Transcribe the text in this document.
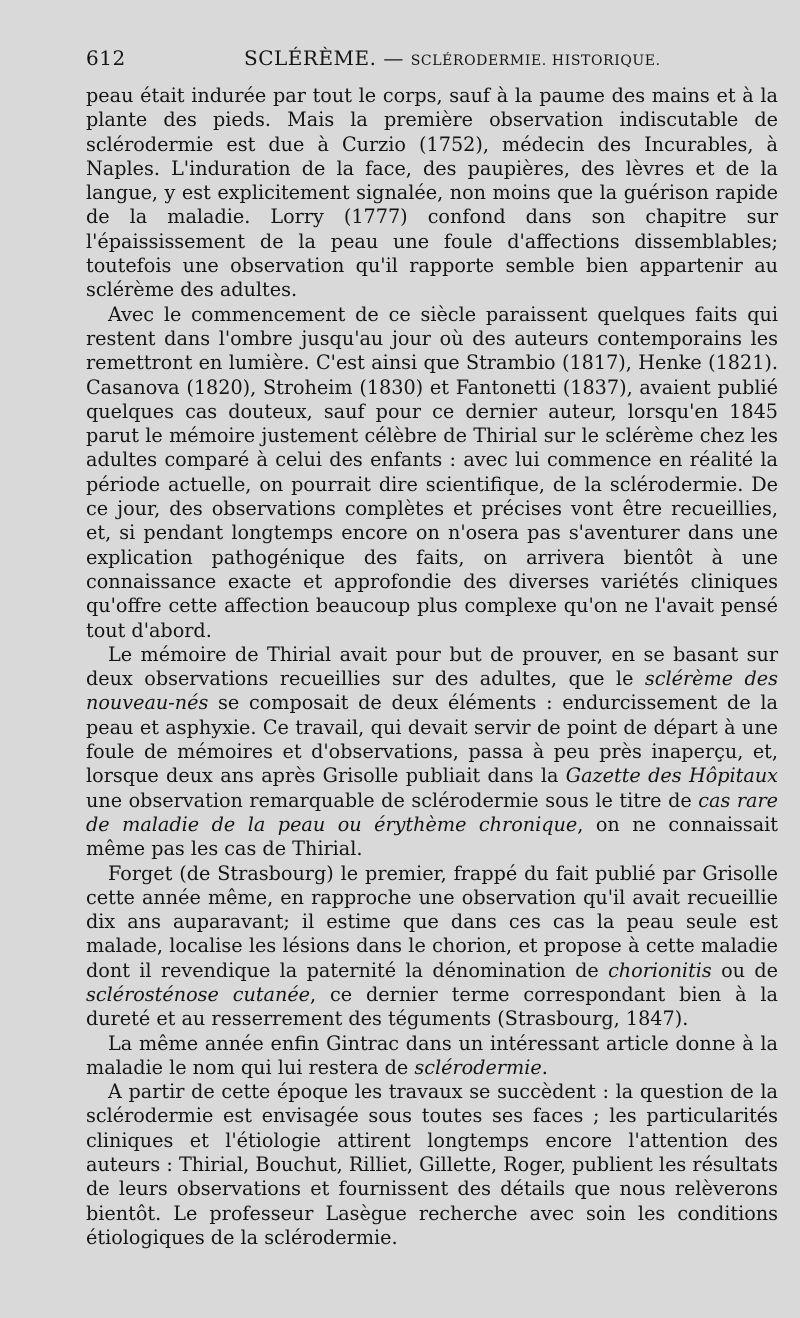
612	SCLÉRÈME. — SCLÉRODERMIE. HISTORIQUE.

peau était indurée par tout le corps, sauf à la paume des mains et à la plante des pieds. Mais la première observation indiscutable de sclérodermie est due à Curzio (1752), médecin des Incurables, à Naples. L'induration de la face, des paupières, des lèvres et de la langue, y est explicitement signalée, non moins que la guérison rapide de la maladie. Lorry (1777) confond dans son chapitre sur l'épaississement de la peau une foule d'affections dissemblables; toutefois une observation qu'il rapporte semble bien appartenir au sclérème des adultes.

Avec le commencement de ce siècle paraissent quelques faits qui restent dans l'ombre jusqu'au jour où des auteurs contemporains les remettront en lumière. C'est ainsi que Strambio (1817), Henke (1821). Casanova (1820), Stroheim (1830) et Fantonetti (1837), avaient publié quelques cas douteux, sauf pour ce dernier auteur, lorsqu'en 1845 parut le mémoire justement célèbre de Thirial sur le sclérème chez les adultes comparé à celui des enfants : avec lui commence en réalité la période actuelle, on pourrait dire scientifique, de la sclérodermie. De ce jour, des observations complètes et précises vont être recueillies, et, si pendant longtemps encore on n'osera pas s'aventurer dans une explication pathogénique des faits, on arrivera bientôt à une connaissance exacte et approfondie des diverses variétés cliniques qu'offre cette affection beaucoup plus complexe qu'on ne l'avait pensé tout d'abord.

Le mémoire de Thirial avait pour but de prouver, en se basant sur deux observations recueillies sur des adultes, que le sclérème des nouveau-nés se composait de deux éléments : endurcissement de la peau et asphyxie. Ce travail, qui devait servir de point de départ à une foule de mémoires et d'observations, passa à peu près inaperçu, et, lorsque deux ans après Grisolle publiait dans la Gazette des Hôpitaux une observation remarquable de sclérodermie sous le titre de cas rare de maladie de la peau ou érythème chronique, on ne connaissait même pas les cas de Thirial.

Forget (de Strasbourg) le premier, frappé du fait publié par Grisolle cette année même, en rapproche une observation qu'il avait recueillie dix ans auparavant; il estime que dans ces cas la peau seule est malade, localise les lésions dans le chorion, et propose à cette maladie dont il revendique la paternité la dénomination de chorionitis ou de sclérosténose cutanée, ce dernier terme correspondant bien à la dureté et au resserrement des téguments (Strasbourg, 1847).

La même année enfin Gintrac dans un intéressant article donne à la maladie le nom qui lui restera de sclérodermie.

A partir de cette époque les travaux se succèdent : la question de la sclérodermie est envisagée sous toutes ses faces ; les particularités cliniques et l'étiologie attirent longtemps encore l'attention des auteurs : Thirial, Bouchut, Rilliet, Gillette, Roger, publient les résultats de leurs observations et fournissent des détails que nous relèverons bientôt. Le professeur Lasègue recherche avec soin les conditions étiologiques de la sclérodermie.
